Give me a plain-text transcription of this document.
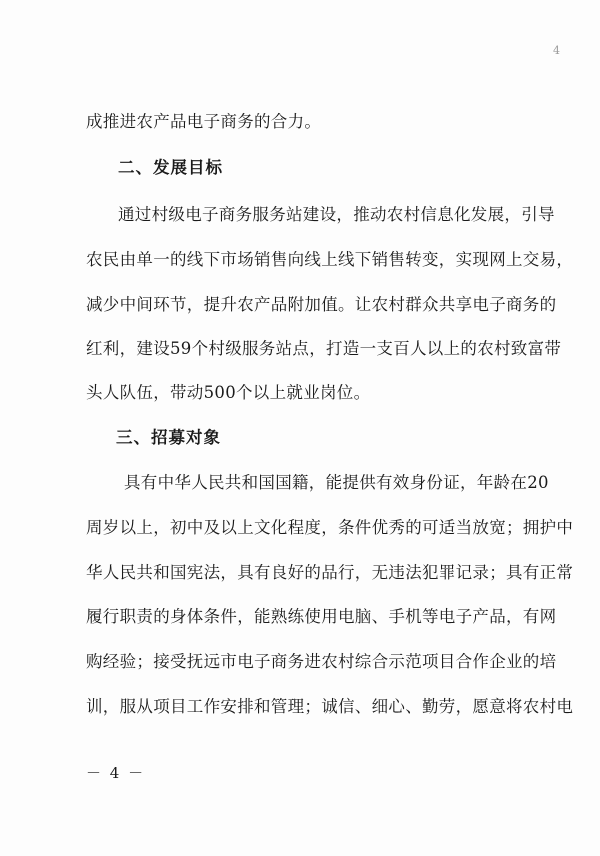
4
成推进农产品电子商务的合力。
二、发展目标
通过村级电子商务服务站建设，推动农村信息化发展，引导
农民由单一的线下市场销售向线上线下销售转变，实现网上交易，
减少中间环节，提升农产品附加值。让农村群众共享电子商务的
红利，建设59个村级服务站点，打造一支百人以上的农村致富带
头人队伍，带动500个以上就业岗位。
三、招募对象
具有中华人民共和国国籍，能提供有效身份证，年龄在20
周岁以上，初中及以上文化程度，条件优秀的可适当放宽；拥护中
华人民共和国宪法，具有良好的品行，无违法犯罪记录；具有正常
履行职责的身体条件，能熟练使用电脑、手机等电子产品，有网
购经验；接受抚远市电子商务进农村综合示范项目合作企业的培
训，服从项目工作安排和管理；诚信、细心、勤劳，愿意将农村电
－ 4 －
